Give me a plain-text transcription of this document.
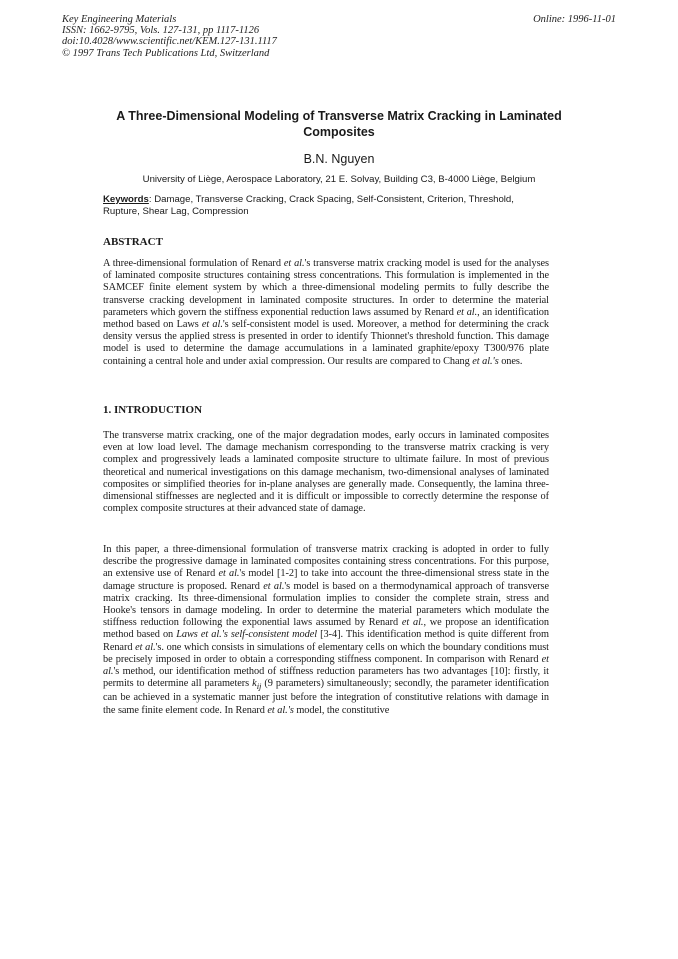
Key Engineering Materials
ISSN: 1662-9795, Vols. 127-131, pp 1117-1126
doi:10.4028/www.scientific.net/KEM.127-131.1117
© 1997 Trans Tech Publications Ltd, Switzerland
Online: 1996-11-01
A Three-Dimensional Modeling of Transverse Matrix Cracking in Laminated Composites
B.N. Nguyen
University of Liège, Aerospace Laboratory, 21 E. Solvay, Building C3, B-4000 Liège, Belgium
Keywords: Damage, Transverse Cracking, Crack Spacing, Self-Consistent, Criterion, Threshold, Rupture, Shear Lag, Compression
ABSTRACT
A three-dimensional formulation of Renard et al.'s transverse matrix cracking model is used for the analyses of laminated composite structures containing stress concentrations. This formulation is implemented in the SAMCEF finite element system by which a three-dimensional modeling permits to fully describe the transverse cracking development in laminated composite structures. In order to determine the material parameters which govern the stiffness exponential reduction laws assumed by Renard et al., an identification method based on Laws et al.'s self-consistent model is used. Moreover, a method for determining the crack density versus the applied stress is presented in order to identify Thionnet's threshold function. This damage model is used to determine the damage accumulations in a laminated graphite/epoxy T300/976 plate containing a central hole and under axial compression. Our results are compared to Chang et al.'s ones.
1. INTRODUCTION

The transverse matrix cracking, one of the major degradation modes, early occurs in laminated composites even at low load level. The damage mechanism corresponding to the transverse matrix cracking is very complex and progressively leads a laminated composite structure to ultimate failure. In most of previous theoretical and numerical investigations on this damage mechanism, two-dimensional analyses of laminated composites or simplified theories for in-plane analyses are generally made. Consequently, the lamina three-dimensional stiffnesses are neglected and it is difficult or impossible to correctly determine the response of complex composite structures at their advanced state of damage.

In this paper, a three-dimensional formulation of transverse matrix cracking is adopted in order to fully describe the progressive damage in laminated composites containing stress concentrations. For this purpose, an extensive use of Renard et al.'s model [1-2] to take into account the three-dimensional stress state in the damage structure is proposed. Renard et al.'s model is based on a thermodynamical approach of transverse matrix cracking. Its three-dimensional formulation implies to consider the complete strain, stress and Hooke's tensors in damage modeling. In order to determine the material parameters which modulate the stiffness reduction following the exponential laws assumed by Renard et al., we propose an identification method based on Laws et al.'s self-consistent model [3-4]. This identification method is quite different from Renard et al.'s. one which consists in simulations of elementary cells on which the boundary conditions must be precisely imposed in order to obtain a corresponding stiffness component. In comparison with Renard et al.'s method, our identification method of stiffness reduction parameters has two advantages [10]: firstly, it permits to determine all parameters $k_{ij}$ (9 parameters) simultaneously; secondly, the parameter identification can be achieved in a systematic manner just before the integration of constitutive relations with damage in the same finite element code. In Renard et al.'s model, the constitutive
